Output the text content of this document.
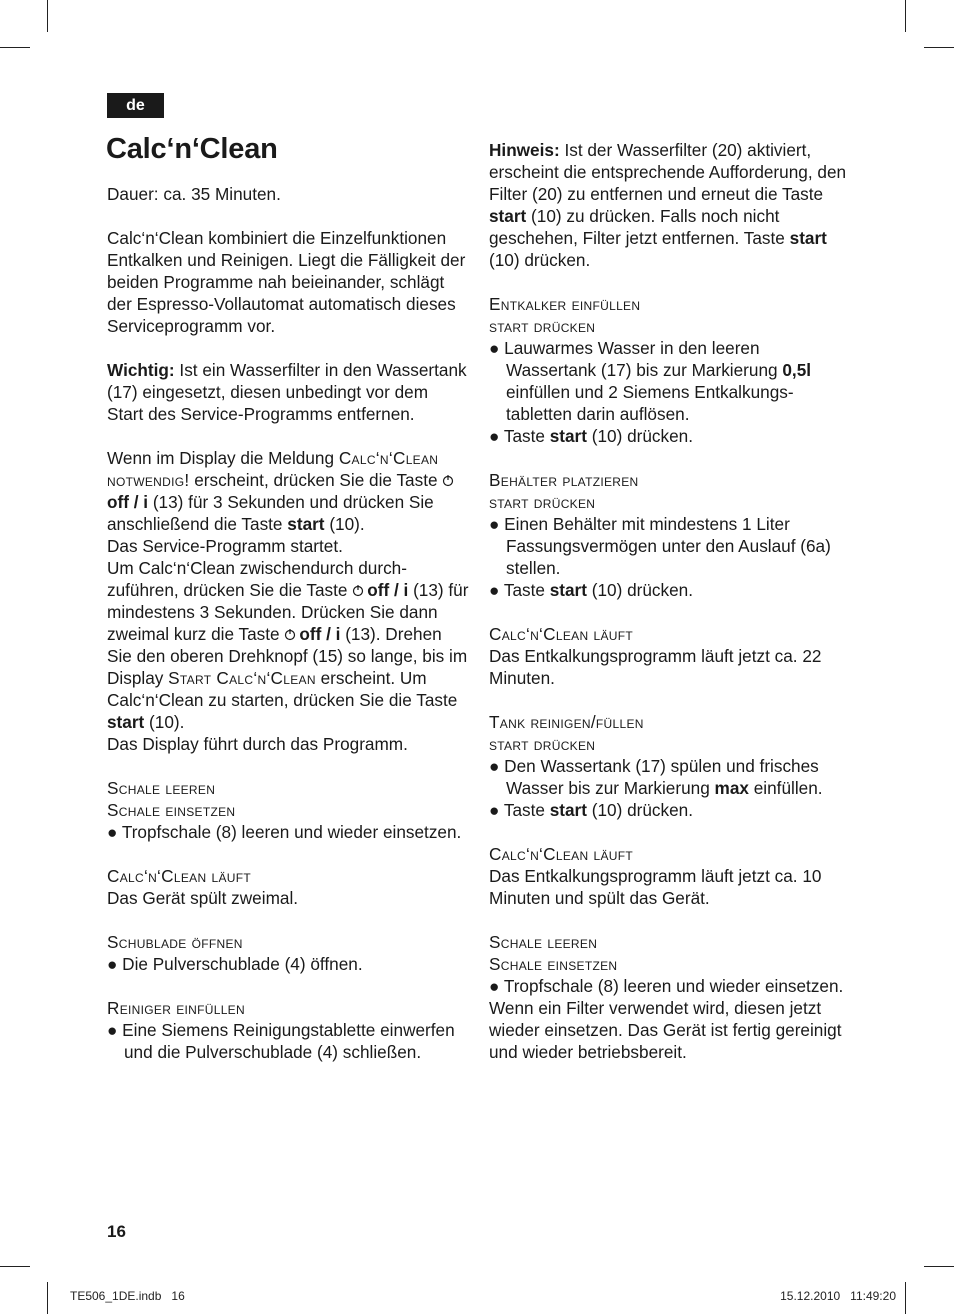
de
Calc‘n‘Clean

Dauer: ca. 35 Minuten.

Calc‘n‘Clean kombiniert die Einzelfunktionen Entkalken und Reinigen. Liegt die Fälligkeit der beiden Programme nah beieinander, schlägt der Espresso-Vollautomat automatisch dieses Serviceprogramm vor.

Wichtig: Ist ein Wasserfilter in den Wassertank (17) eingesetzt, diesen unbedingt vor dem Start des Service-Programms entfernen.

Wenn im Display die Meldung Calc‘n‘Clean notwendig! erscheint, drücken Sie die Taste off / i (13) für 3 Sekunden und drücken Sie anschließend die Taste start (10).

Das Service-Programm startet.

Um Calc‘n‘Clean zwischendurch durchzuführen, drücken Sie die Taste off / i (13) für mindestens 3 Sekunden. Drücken Sie dann zweimal kurz die Taste off / i (13). Drehen Sie den oberen Drehknopf (15) so lange, bis im Display Start Calc‘n‘Clean erscheint. Um Calc‘n‘Clean zu starten, drücken Sie die Taste start (10).

Das Display führt durch das Programm.

Schale leeren

Schale einsetzen

● Tropfschale (8) leeren und wieder einsetzen.

Calc‘n‘Clean läuft

Das Gerät spült zweimal.

Schublade öffnen

● Die Pulverschublade (4) öffnen.

Reiniger einfüllen

● Eine Siemens Reinigungstablette einwerfen und die Pulverschublade (4) schließen.

Hinweis: Ist der Wasserfilter (20) aktiviert, erscheint die entsprechende Aufforderung, den Filter (20) zu entfernen und erneut die Taste start (10) zu drücken. Falls noch nicht geschehen, Filter jetzt entfernen. Taste start (10) drücken.

Entkalker einfüllen

start drücken

● Lauwarmes Wasser in den leeren Wassertank (17) bis zur Markierung 0,5l einfüllen und 2 Siemens Entkalkungstabletten darin auflösen.

● Taste start (10) drücken.

Behälter platzieren

start drücken

● Einen Behälter mit mindestens 1 Liter Fassungsvermögen unter den Auslauf (6a) stellen.

● Taste start (10) drücken.

Calc‘n‘Clean läuft

Das Entkalkungsprogramm läuft jetzt ca. 22 Minuten.

Tank reinigen/füllen

start drücken

● Den Wassertank (17) spülen und frisches Wasser bis zur Markierung max einfüllen.

● Taste start (10) drücken.

Calc‘n‘Clean läuft

Das Entkalkungsprogramm läuft jetzt ca. 10 Minuten und spült das Gerät.

Schale leeren

Schale einsetzen

● Tropfschale (8) leeren und wieder einsetzen.

Wenn ein Filter verwendet wird, diesen jetzt wieder einsetzen. Das Gerät ist fertig gereinigt und wieder betriebsbereit.

16
TE506_1DE.indb   16	15.12.2010   11:49:20
